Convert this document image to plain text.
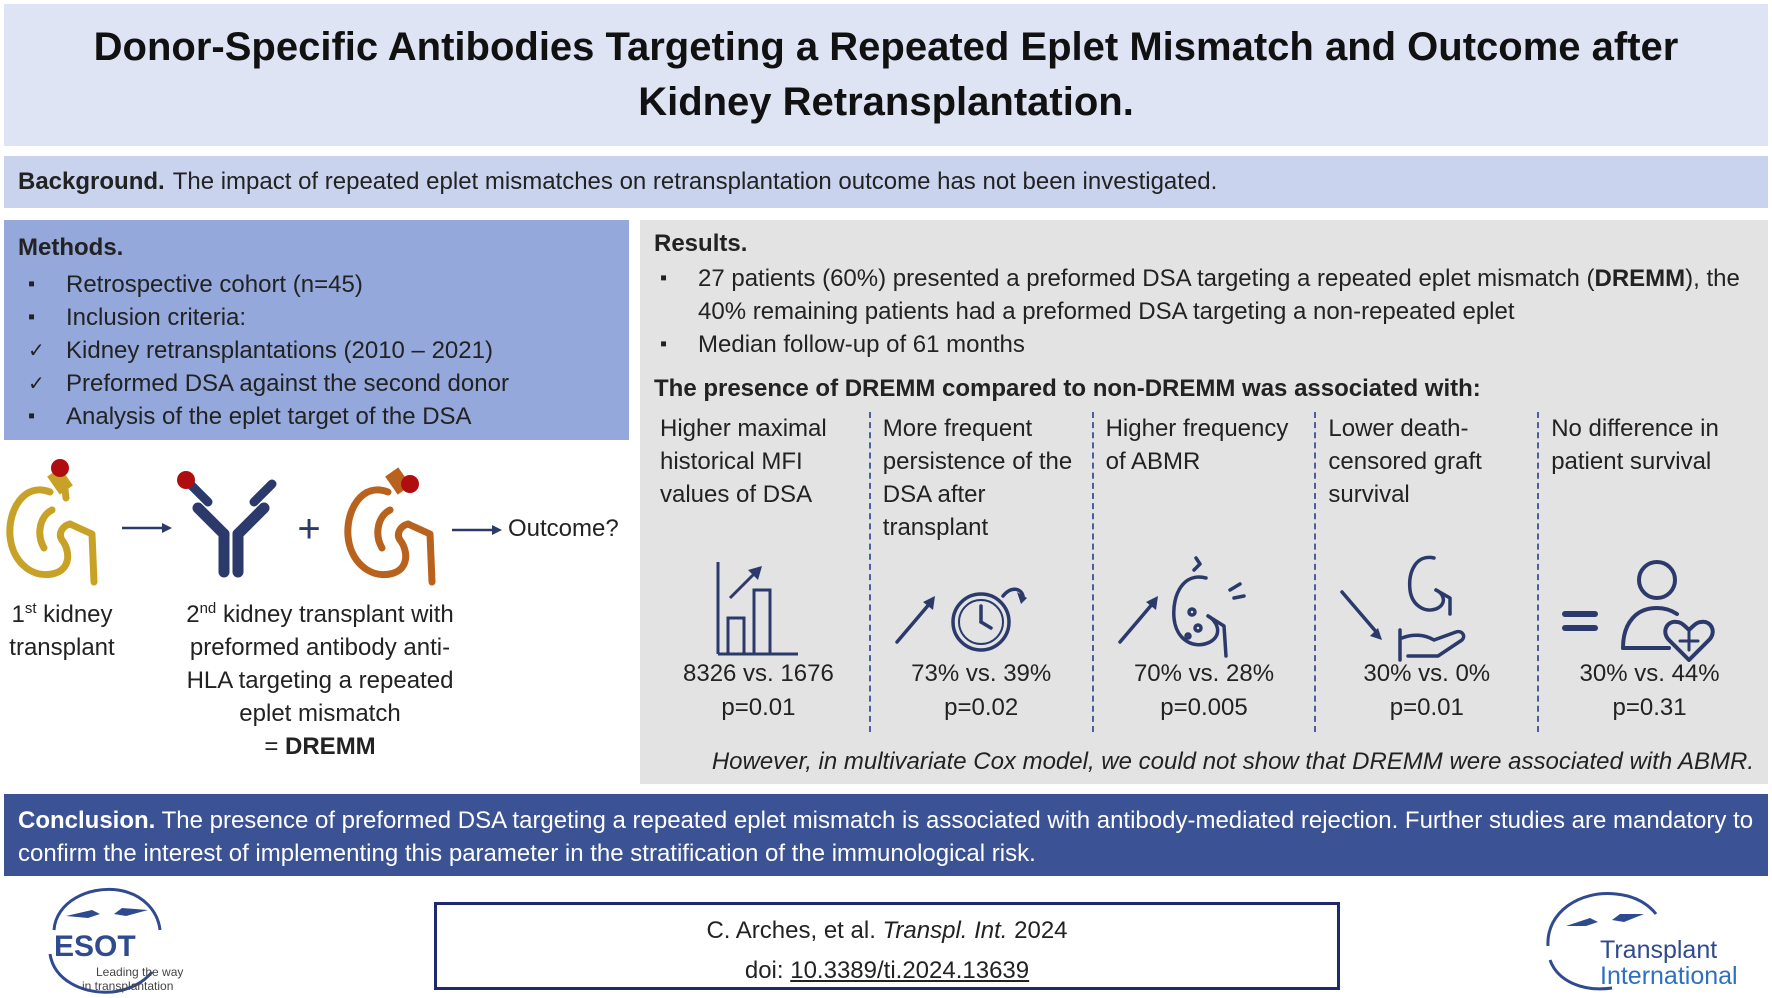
Donor-Specific Antibodies Targeting a Repeated Eplet Mismatch and Outcome after Kidney Retransplantation.
Background. The impact of repeated eplet mismatches on retransplantation outcome has not been investigated.
Methods.
▪	Retrospective cohort (n=45)
▪	Inclusion criteria:
✓ Kidney retransplantations (2010 – 2021)
✓ Preformed DSA against the second donor
▪	Analysis of the eplet target of the DSA
+	Outcome?
1st kidney
transplant
2nd kidney transplant with
preformed antibody anti-
HLA targeting a repeated
eplet mismatch
= DREMM
Results.
▪	27 patients (60%) presented a preformed DSA targeting a repeated eplet mismatch (DREMM), the 40% remaining patients had a preformed DSA targeting a non-repeated eplet
▪	Median follow-up of 61 months
The presence of DREMM compared to non-DREMM was associated with:
Higher maximal historical MFI values of DSA
8326 vs. 1676
p=0.01
More frequent persistence of the DSA after transplant
73% vs. 39%
p=0.02
Higher frequency of ABMR
70% vs. 28%
p=0.005
Lower death-censored graft survival
30% vs. 0%
p=0.01
No difference in patient survival
30% vs. 44%
p=0.31
However, in multivariate Cox model, we could not show that DREMM were associated with ABMR.
Conclusion. The presence of preformed DSA targeting a repeated eplet mismatch is associated with antibody-mediated rejection. Further studies are mandatory to confirm the interest of implementing this parameter in the stratification of the immunological risk.
ESOT
Leading the way
in transplantation
C. Arches, et al. Transpl. Int. 2024
doi: 10.3389/ti.2024.13639
Transplant
International
